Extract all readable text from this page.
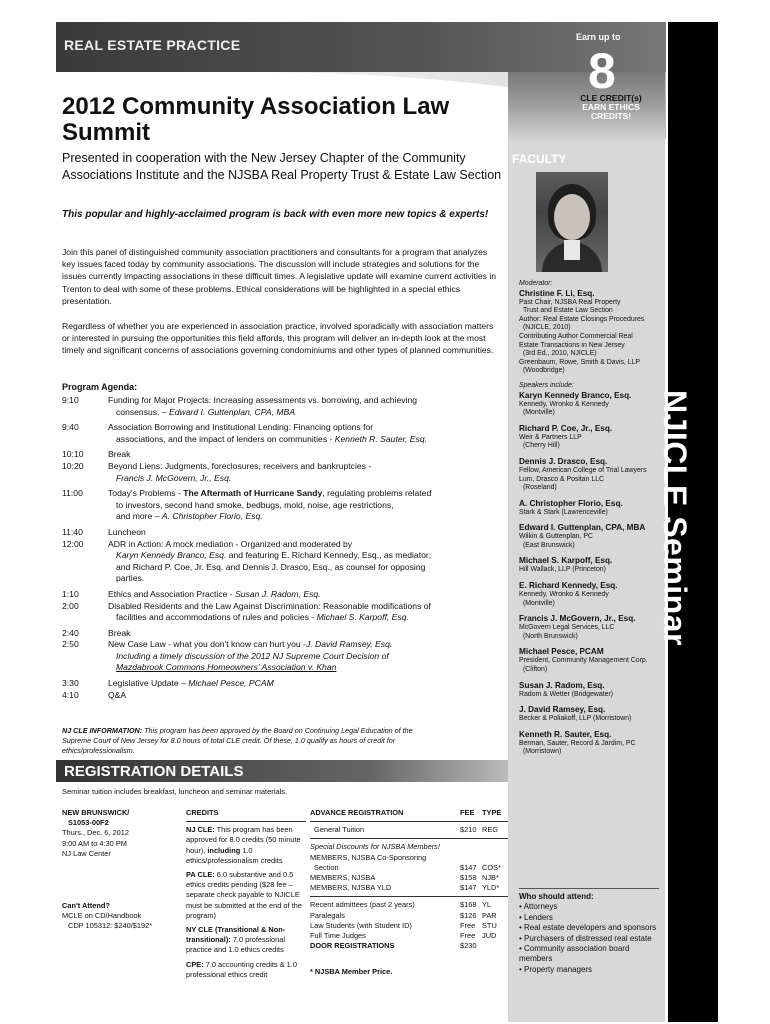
REAL ESTATE PRACTICE
NJICLE Seminar
Earn up to
8
CLE CREDIT(s)
EARN ETHICS
CREDITS!
2012 Community Association Law Summit
Presented in cooperation with the New Jersey Chapter of the Community Associations Institute and the NJSBA Real Property Trust & Estate Law Section
This popular and highly-acclaimed program is back with even more new topics & experts!
Join this panel of distinguished community association practitioners and consultants for a program that analyzes key issues faced today by community associations. The discussion will include strategies and solutions for the issues currently impacting associations in these difficult times. A legislative update will examine current activities in Trenton to deal with some of these problems. Ethical considerations will be highlighted in a special ethics presentation.
Regardless of whether you are experienced in association practice, involved sporadically with association matters or interested in pursuing the opportunities this field affords, this program will deliver an in-depth look at the most timely and significant concerns of associations governing condominiums and other types of planned communities.
Program Agenda:
9:10	Funding for Major Projects: Increasing assessments vs. borrowing, and achieving
consensus. – Edward I. Guttenplan, CPA, MBA
9:40	Association Borrowing and Institutional Lending: Financing options for
associations, and the impact of lenders on communities - Kenneth R. Sauter, Esq.
10:10	Break
10:20	Beyond Liens: Judgments, foreclosures, receivers and bankruptcies -
Francis J. McGovern, Jr., Esq.
11:00	Today's Problems - The Aftermath of Hurricane Sandy, regulating problems related
to investors, second hand smoke, bedbugs, mold, noise, age restrictions,
and more – A. Christopher Florio, Esq.
11:40	Luncheon
12:00	ADR in Action: A mock mediation - Organized and moderated by
Karyn Kennedy Branco, Esq. and featuring E. Richard Kennedy, Esq., as mediator;
and Richard P. Coe, Jr. Esq. and Dennis J. Drasco, Esq., as counsel for opposing
parties.
1:10	Ethics and Association Practice - Susan J. Radom, Esq.
2:00	Disabled Residents and the Law Against Discrimination: Reasonable modifications of
facilities and accommodations of rules and policies - Michael S. Karpoff, Esq.
2:40	Break
2:50	New Case Law - what you don't know can hurt you -J. David Ramsey, Esq.
Including a timely discussion of the 2012 NJ Supreme Court Decision of
Mazdabrook Commons Homeowners' Association v. Khan
3:30	Legislative Update – Michael Pesce, PCAM
4:10	Q&A
NJ CLE INFORMATION: This program has been approved by the Board on Continuing Legal Education of the Supreme Court of New Jersey for 8.0 hours of total CLE credit. Of these, 1.0 qualify as hours of credit for ethics/professionalism.
REGISTRATION DETAILS
Seminar tuition includes breakfast, luncheon and seminar materials.
NEW BRUNSWICK/
S1053-00F2
Thurs., Dec. 6, 2012
9:00 AM to 4:30 PM
NJ Law Center
Can't Attend?
MCLE on CD/Handbook
CDP 105312: $240/$192*
CREDITS
NJ CLE: This program has been approved for 8.0 credits (50 minute hour), including 1.0 ethics/professionalism credits
PA CLE: 6.0 substantive and 0.5 ethics credits pending ($28 fee – separate check payable to NJICLE must be submitted at the end of the program)
NY CLE (Transitional & Non-transitional): 7.0 professional practice and 1.0 ethics credits
CPE: 7.0 accounting credits & 1.0 professional ethics credit
ADVANCE REGISTRATION	FEE	TYPE
General Tuition	$210 REG
Special Discounts for NJSBA Members!
MEMBERS, NJSBA Co-Sponsoring
Section	$147 COS*
MEMBERS, NJSBA	$158 NJB*
MEMBERS, NJSBA YLD	$147 YLD*
Recent admittees (past 2 years)	$168 YL
Paralegals	$126 PAR
Law Students (with Student ID)	Free STU
Full Time Judges	Free JUD
DOOR REGISTRATIONS	$230
* NJSBA Member Price.
FACULTY
Moderator:
Christine F. Li, Esq.
Past Chair, NJSBA Real Property
Trust and Estate Law Section
Author: Real Estate Closings Procedures
(NJICLE, 2010)
Contributing Author Commercial Real
Estate Transactions in New Jersey
(3rd Ed., 2010, NJICLE)
Greenbaum, Rowe, Smith & Davis, LLP
(Woodbridge)
Speakers include:
Karyn Kennedy Branco, Esq.
Kennedy, Wronko & Kennedy
(Montville)
Richard P. Coe, Jr., Esq.
Weir & Partners LLP
(Cherry Hill)
Dennis J. Drasco, Esq.
Fellow, American College of Trial Lawyers
Lum, Drasco & Positan LLC
(Roseland)
A. Christopher Florio, Esq.
Stark & Stark (Lawrenceville)
Edward I. Guttenplan, CPA, MBA
Wilkin & Guttenplan, PC
(East Brunswick)
Michael S. Karpoff, Esq.
Hill Wallack, LLP (Princeton)
E. Richard Kennedy, Esq.
Kennedy, Wronko & Kennedy
(Montville)
Francis J. McGovern, Jr., Esq.
McGovern Legal Services, LLC
(North Brunswick)
Michael Pesce, PCAM
President, Community Management Corp.
(Clifton)
Susan J. Radom, Esq.
Radom & Wetter (Bridgewater)
J. David Ramsey, Esq.
Becker & Poliakoff, LLP (Morristown)
Kenneth R. Sauter, Esq.
Berman, Sauter, Record & Jardim, PC
(Morristown)
Who should attend:
• Attorneys
• Lenders
• Real estate developers and sponsors
• Purchasers of distressed real estate
• Community association board members
• Property managers
